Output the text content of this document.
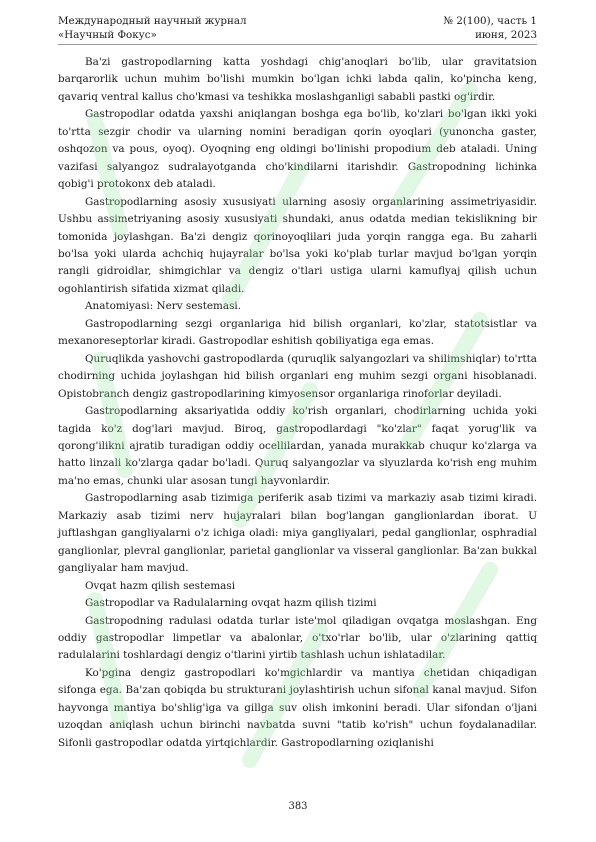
Международный научный журнал
«Научный Фокус»
№ 2(100), часть 1
июня, 2023

Ba'zi gastropodlarning katta yoshdagi chig'anoqlari bo'lib, ular gravitatsion barqarorlik uchun muhim bo'lishi mumkin bo'lgan ichki labda qalin, ko'pincha keng, qavariq ventral kallus cho'kmasi va teshikka moslashganligi sababli pastki og'irdir.

Gastropodlar odatda yaxshi aniqlangan boshga ega bo'lib, ko'zlari bo'lgan ikki yoki to'rtta sezgir chodir va ularning nomini beradigan qorin oyoqlari (yunoncha gaster, oshqozon va pous, oyoq). Oyoqning eng oldingi bo'linishi propodium deb ataladi. Uning vazifasi salyangoz sudralayotganda cho'kindilarni itarishdir. Gastropodning lichinka qobig'i protokonx deb ataladi.

Gastropodlarning asosiy xususiyati ularning asosiy organlarining assimetriyasidir. Ushbu assimetriyaning asosiy xususiyati shundaki, anus odatda median tekislikning bir tomonida joylashgan. Ba'zi dengiz qorinoyoqlilari juda yorqin rangga ega. Bu zaharli bo'lsa yoki ularda achchiq hujayralar bo'lsa yoki ko'plab turlar mavjud bo'lgan yorqin rangli gidroidlar, shimgichlar va dengiz o'tlari ustiga ularni kamuflyaj qilish uchun ogohlantirish sifatida xizmat qiladi.

Anatomiyasi: Nerv sestemasi.

Gastropodlarning sezgi organlariga hid bilish organlari, ko'zlar, statotsistlar va mexanoreseptorlar kiradi. Gastropodlar eshitish qobiliyatiga ega emas.

Quruqlikda yashovchi gastropodlarda (quruqlik salyangozlari va shilimshiqlar) to'rtta chodirning uchida joylashgan hid bilish organlari eng muhim sezgi organi hisoblanadi. Opistobranch dengiz gastropodlarining kimyosensor organlariga rinoforlar deyiladi.

Gastropodlarning aksariyatida oddiy ko'rish organlari, chodirlarning uchida yoki tagida ko'z dog'lari mavjud. Biroq, gastropodlardagi "ko'zlar" faqat yorug'lik va qorong'ilikni ajratib turadigan oddiy ocellilardan, yanada murakkab chuqur ko'zlarga va hatto linzali ko'zlarga qadar bo'ladi. Quruq salyangozlar va slyuzlarda ko'rish eng muhim ma'no emas, chunki ular asosan tungi hayvonlardir.

Gastropodlarning asab tizimiga periferik asab tizimi va markaziy asab tizimi kiradi. Markaziy asab tizimi nerv hujayralari bilan bog'langan ganglionlardan iborat. U juftlashgan gangliyalarni o'z ichiga oladi: miya gangliyalari, pedal ganglionlar, osphradial ganglionlar, plevral ganglionlar, parietal ganglionlar va visseral ganglionlar. Ba'zan bukkal gangliyalar ham mavjud.

Ovqat hazm qilish sestemasi

Gastropodlar va Radulalarning ovqat hazm qilish tizimi

Gastropodning radulasi odatda turlar iste'mol qiladigan ovqatga moslashgan. Eng oddiy gastropodlar limpetlar va abalonlar, o'txo'rlar bo'lib, ular o'zlarining qattiq radulalarini toshlardagi dengiz o'tlarini yirtib tashlash uchun ishlatadilar.

Ko'pgina dengiz gastropodlari ko'mgichlardir va mantiya chetidan chiqadigan sifonga ega. Ba'zan qobiqda bu strukturani joylashtirish uchun sifonal kanal mavjud. Sifon hayvonga mantiya bo'shlig'iga va gillga suv olish imkonini beradi. Ular sifondan o'ljani uzoqdan aniqlash uchun birinchi navbatda suvni "tatib ko'rish" uchun foydalanadilar. Sifonli gastropodlar odatda yirtqichlardir. Gastropodlarning oziqlanishi

383
